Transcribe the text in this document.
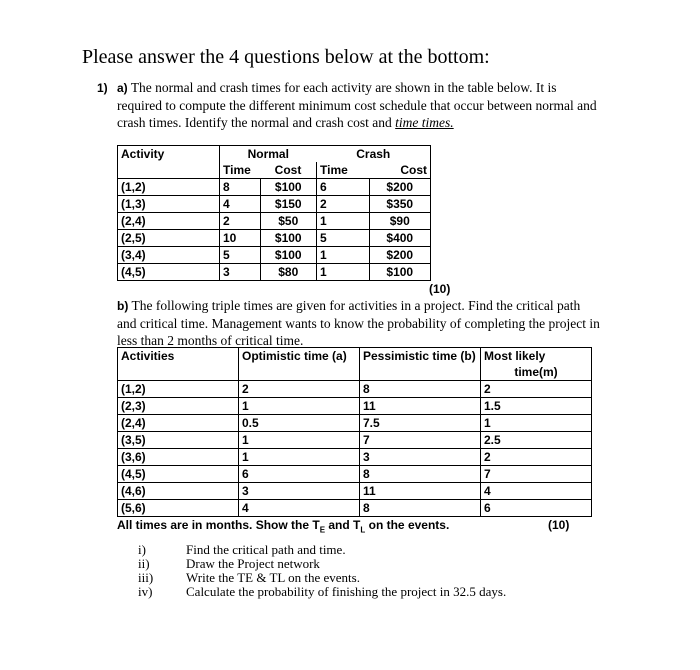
Please answer the 4 questions below at the bottom:
1) a) The normal and crash times for each activity are shown in the table below. It is
required to compute the different minimum cost schedule that occur between normal and
crash times. Identify the normal and crash cost and time times.
Activity	Normal		Crash	
	Time	Cost	Time	Cost
(1,2)	8	$100	6	$200
(1,3)	4	$150	2	$350
(2,4)	2	$50	1	$90
(2,5)	10	$100	5	$400
(3,4)	5	$100	1	$200
(4,5)	3	$80	1	$100
(10)
b) The following triple times are given for activities in a project. Find the critical path
and critical time. Management wants to know the probability of completing the project in
less than 2 months of critical time.
Activities	Optimistic time (a)	Pessimistic time (b)	Most likely
time(m)

(1,2)	2	8	2
(2,3)	1	11	1.5
(2,4)	0.5	7.5	1
(3,5)	1	7	2.5
(3,6)	1	3	2
(4,5)	6	8	7
(4,6)	3	11	4
(5,6)	4	8	6
All times are in months. Show the $T_E$ and $T_L$ on the events.	(10)
i)	Find the critical path and time.
ii)	Draw the Project network
iii)	Write the TE & TL on the events.
iv)	Calculate the probability of finishing the project in 32.5 days.
